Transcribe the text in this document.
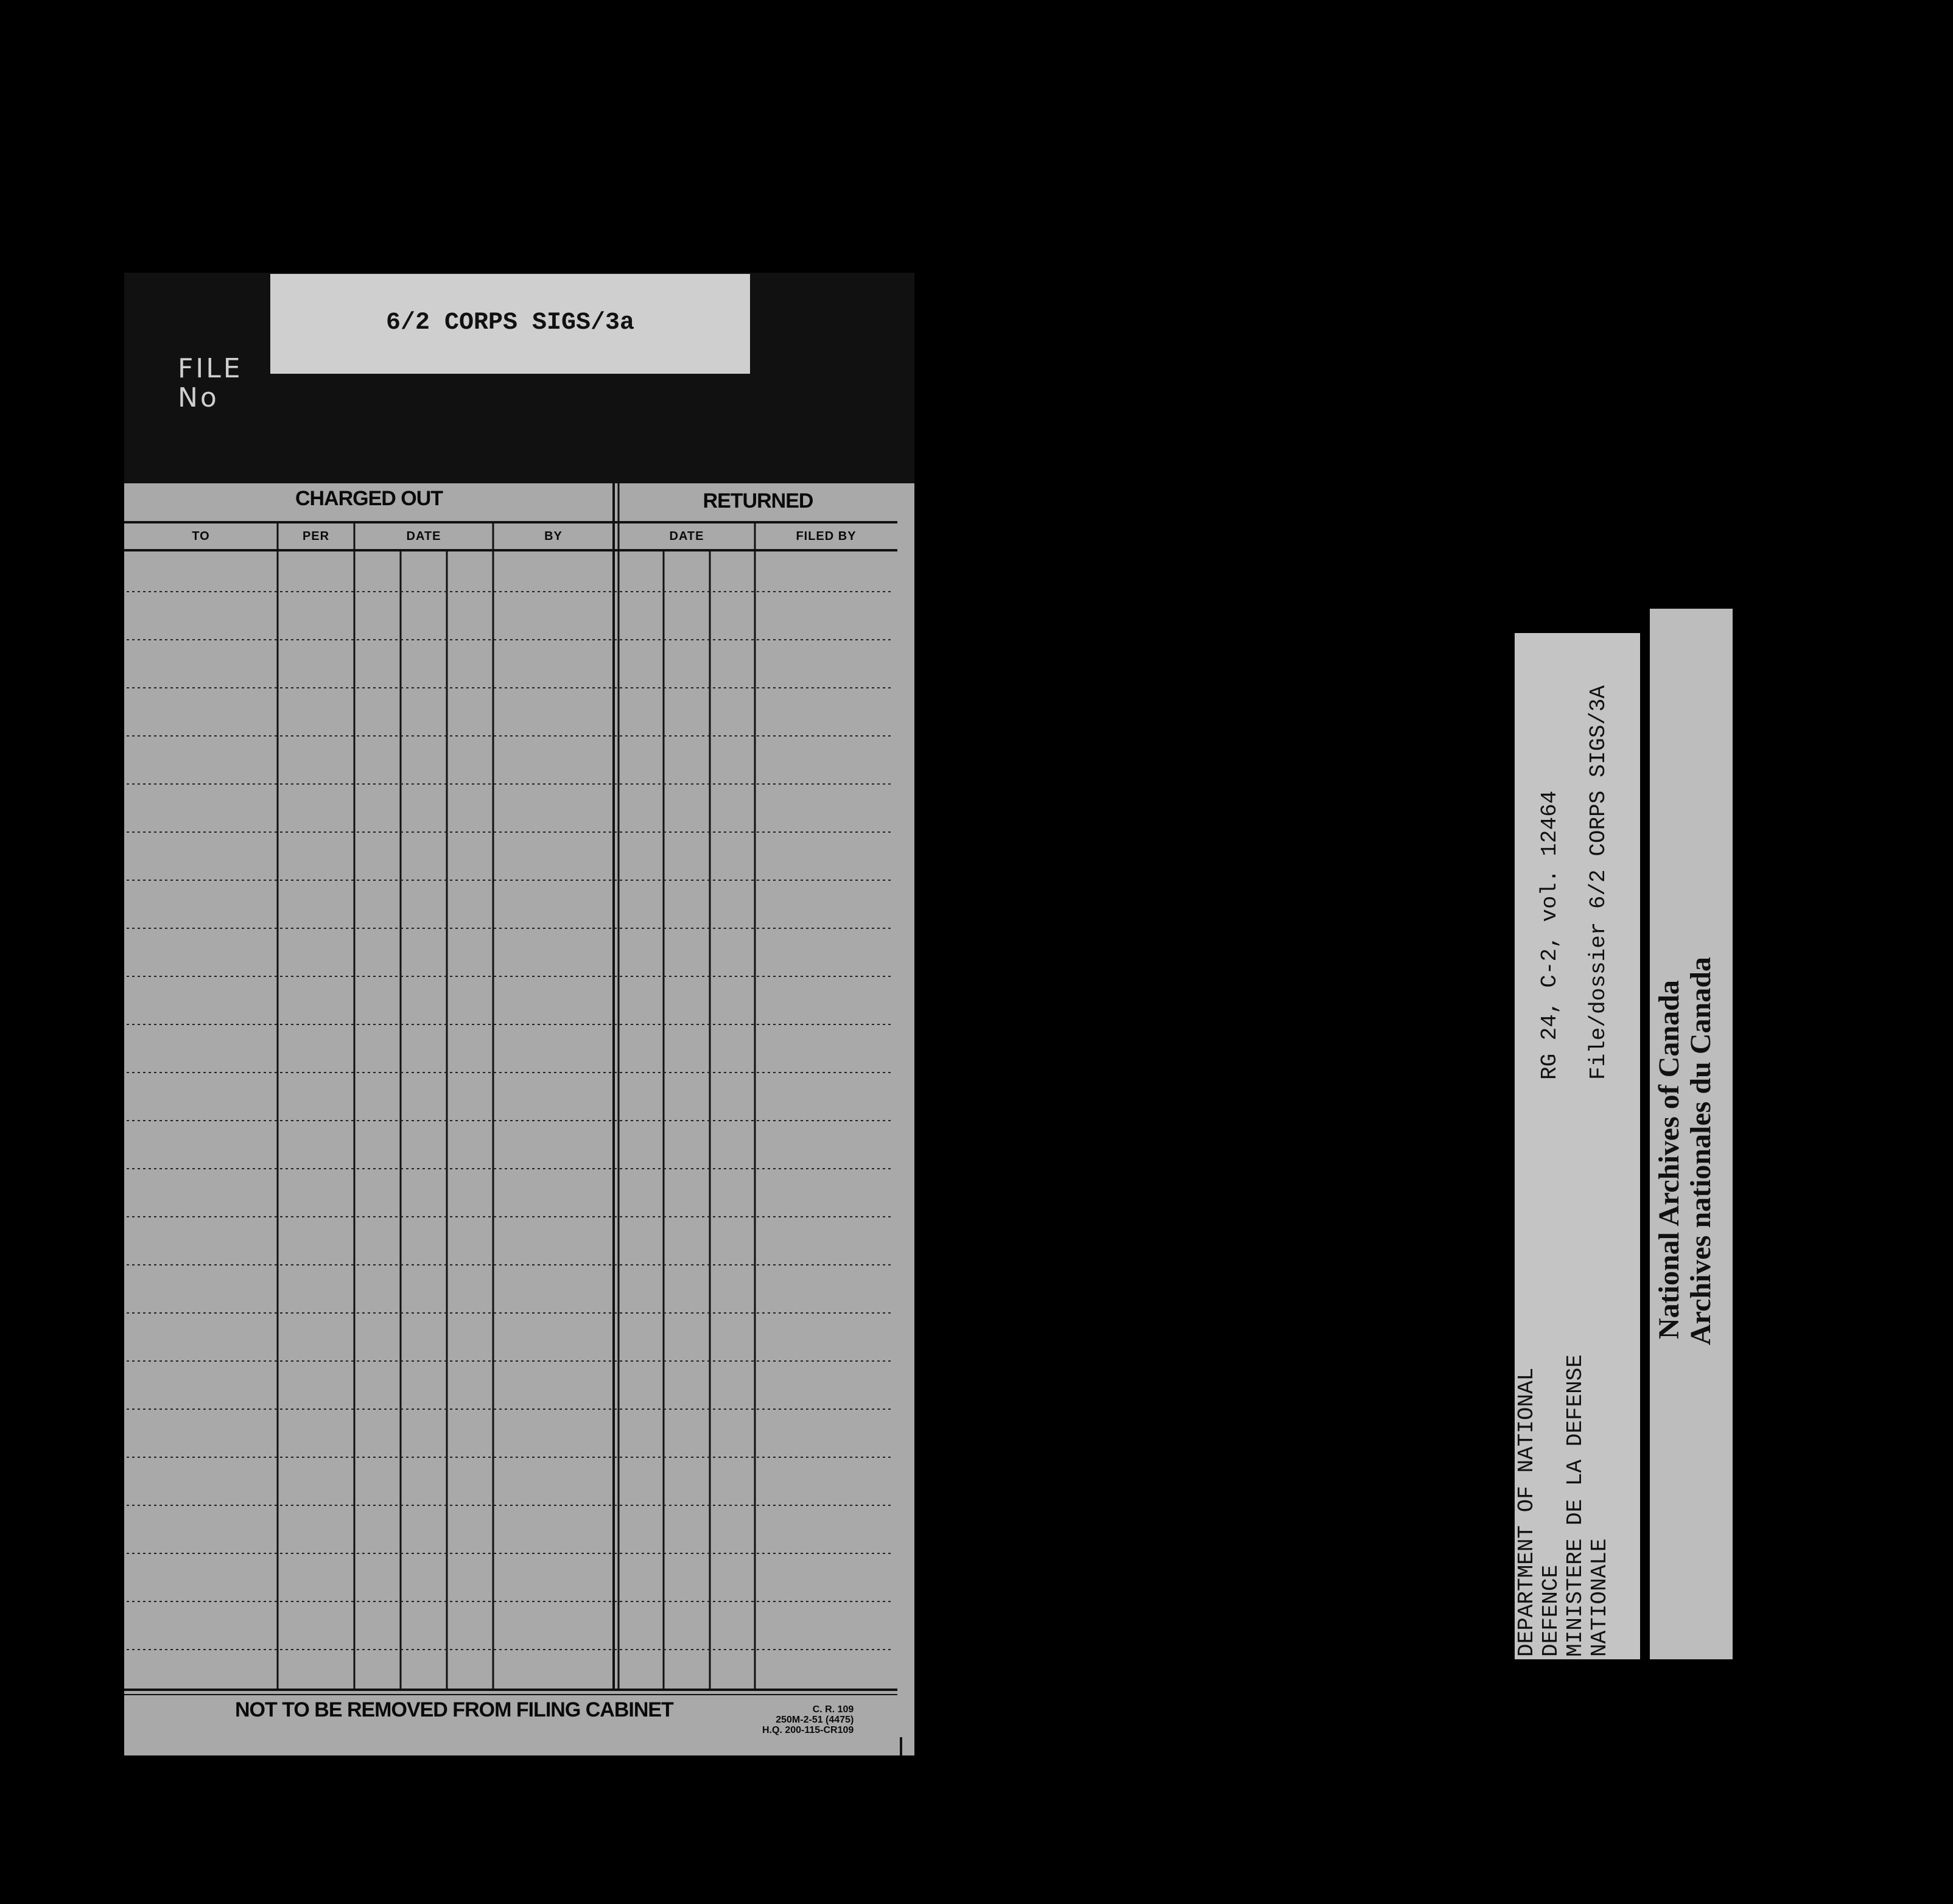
FILE
No
6/2 CORPS SIGS/3a
CHARGED OUT	RETURNED
TO	PER	DATE	BY	DATE	FILED BY
NOT TO BE REMOVED FROM FILING CABINET	C. R. 109
250M-2-51 (4475)
H.Q. 200-115-CR109
RG 24, C-2, vol. 12464 File/dossier 6/2 CORPS SIGS/3A
DEPARTMENT OF NATIONAL DEFENCE MINISTERE DE LA DEFENSE NATIONALE
National Archives of Canada Archives nationales du Canada
